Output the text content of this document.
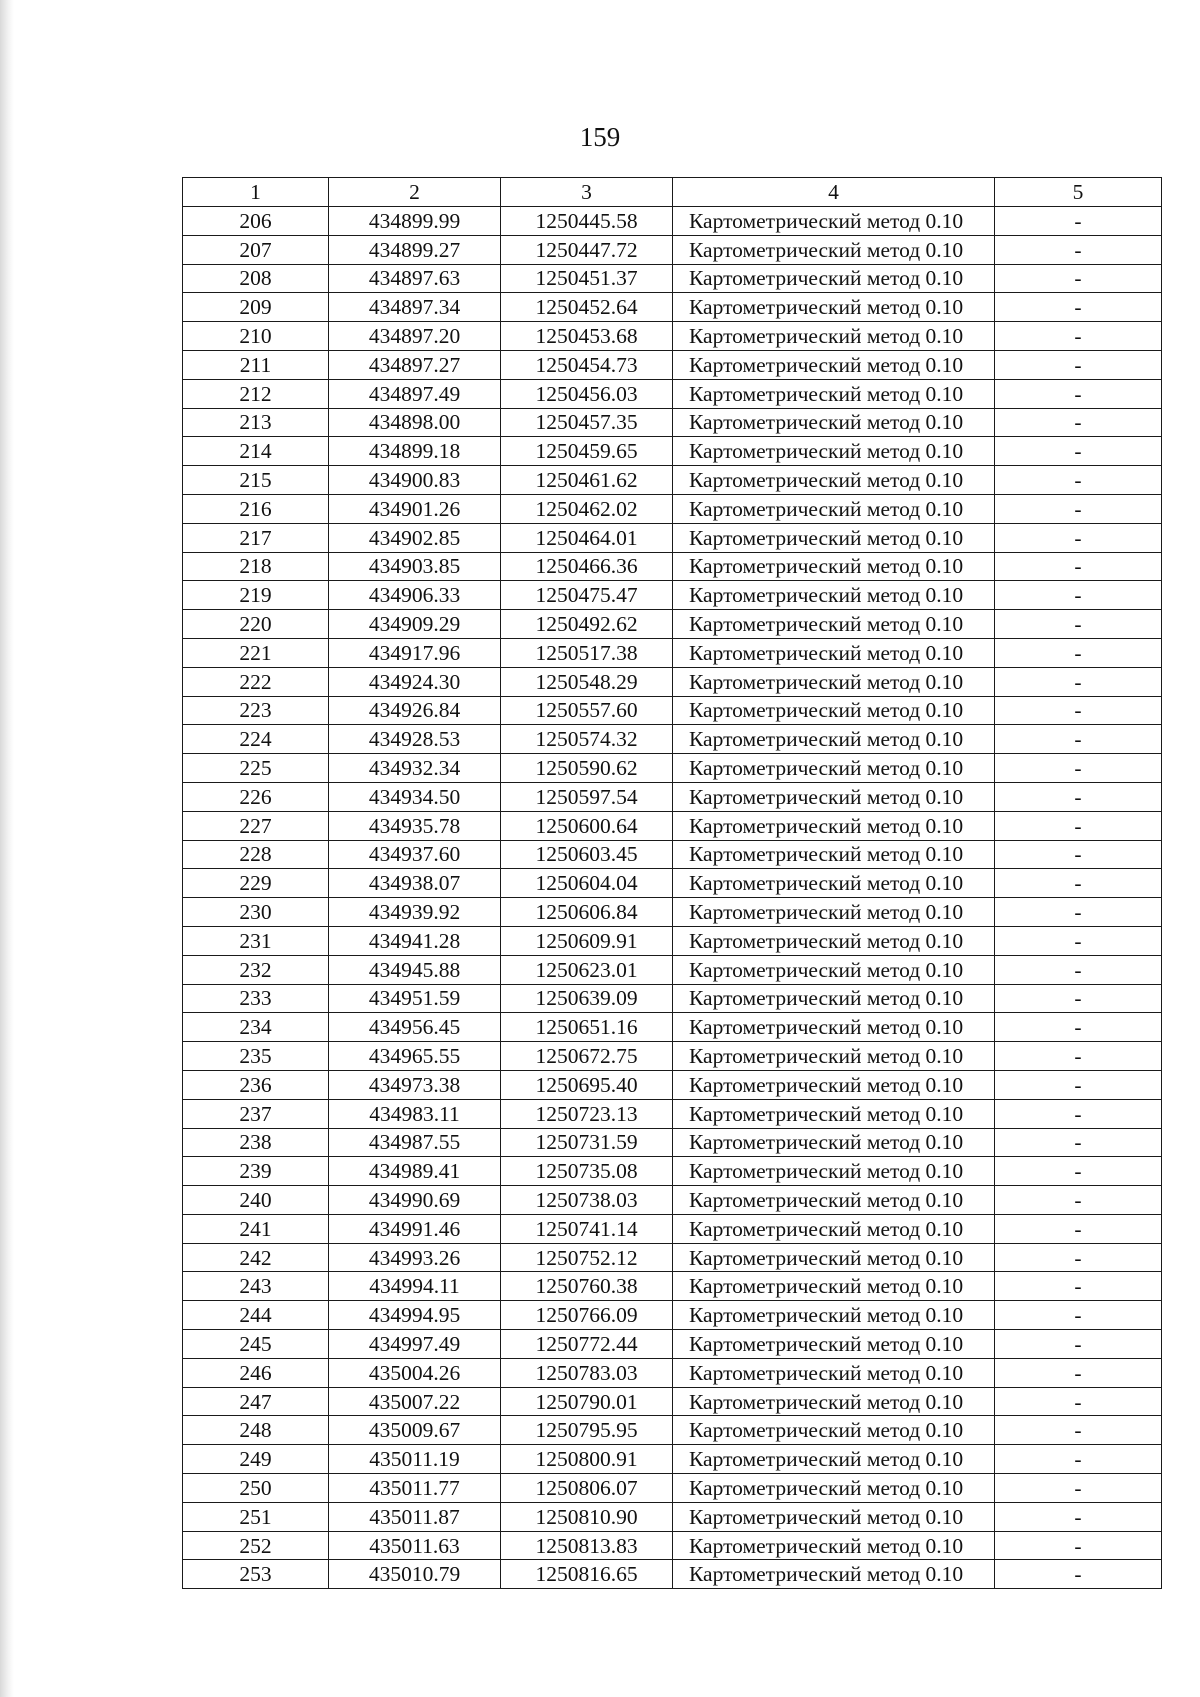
159
1	2	3	4	5
206	434899.99	1250445.58	Картометрический метод 0.10	-
207	434899.27	1250447.72	Картометрический метод 0.10	-
208	434897.63	1250451.37	Картометрический метод 0.10	-
209	434897.34	1250452.64	Картометрический метод 0.10	-
210	434897.20	1250453.68	Картометрический метод 0.10	-
211	434897.27	1250454.73	Картометрический метод 0.10	-
212	434897.49	1250456.03	Картометрический метод 0.10	-
213	434898.00	1250457.35	Картометрический метод 0.10	-
214	434899.18	1250459.65	Картометрический метод 0.10	-
215	434900.83	1250461.62	Картометрический метод 0.10	-
216	434901.26	1250462.02	Картометрический метод 0.10	-
217	434902.85	1250464.01	Картометрический метод 0.10	-
218	434903.85	1250466.36	Картометрический метод 0.10	-
219	434906.33	1250475.47	Картометрический метод 0.10	-
220	434909.29	1250492.62	Картометрический метод 0.10	-
221	434917.96	1250517.38	Картометрический метод 0.10	-
222	434924.30	1250548.29	Картометрический метод 0.10	-
223	434926.84	1250557.60	Картометрический метод 0.10	-
224	434928.53	1250574.32	Картометрический метод 0.10	-
225	434932.34	1250590.62	Картометрический метод 0.10	-
226	434934.50	1250597.54	Картометрический метод 0.10	-
227	434935.78	1250600.64	Картометрический метод 0.10	-
228	434937.60	1250603.45	Картометрический метод 0.10	-
229	434938.07	1250604.04	Картометрический метод 0.10	-
230	434939.92	1250606.84	Картометрический метод 0.10	-
231	434941.28	1250609.91	Картометрический метод 0.10	-
232	434945.88	1250623.01	Картометрический метод 0.10	-
233	434951.59	1250639.09	Картометрический метод 0.10	-
234	434956.45	1250651.16	Картометрический метод 0.10	-
235	434965.55	1250672.75	Картометрический метод 0.10	-
236	434973.38	1250695.40	Картометрический метод 0.10	-
237	434983.11	1250723.13	Картометрический метод 0.10	-
238	434987.55	1250731.59	Картометрический метод 0.10	-
239	434989.41	1250735.08	Картометрический метод 0.10	-
240	434990.69	1250738.03	Картометрический метод 0.10	-
241	434991.46	1250741.14	Картометрический метод 0.10	-
242	434993.26	1250752.12	Картометрический метод 0.10	-
243	434994.11	1250760.38	Картометрический метод 0.10	-
244	434994.95	1250766.09	Картометрический метод 0.10	-
245	434997.49	1250772.44	Картометрический метод 0.10	-
246	435004.26	1250783.03	Картометрический метод 0.10	-
247	435007.22	1250790.01	Картометрический метод 0.10	-
248	435009.67	1250795.95	Картометрический метод 0.10	-
249	435011.19	1250800.91	Картометрический метод 0.10	-
250	435011.77	1250806.07	Картометрический метод 0.10	-
251	435011.87	1250810.90	Картометрический метод 0.10	-
252	435011.63	1250813.83	Картометрический метод 0.10	-
253	435010.79	1250816.65	Картометрический метод 0.10	-
